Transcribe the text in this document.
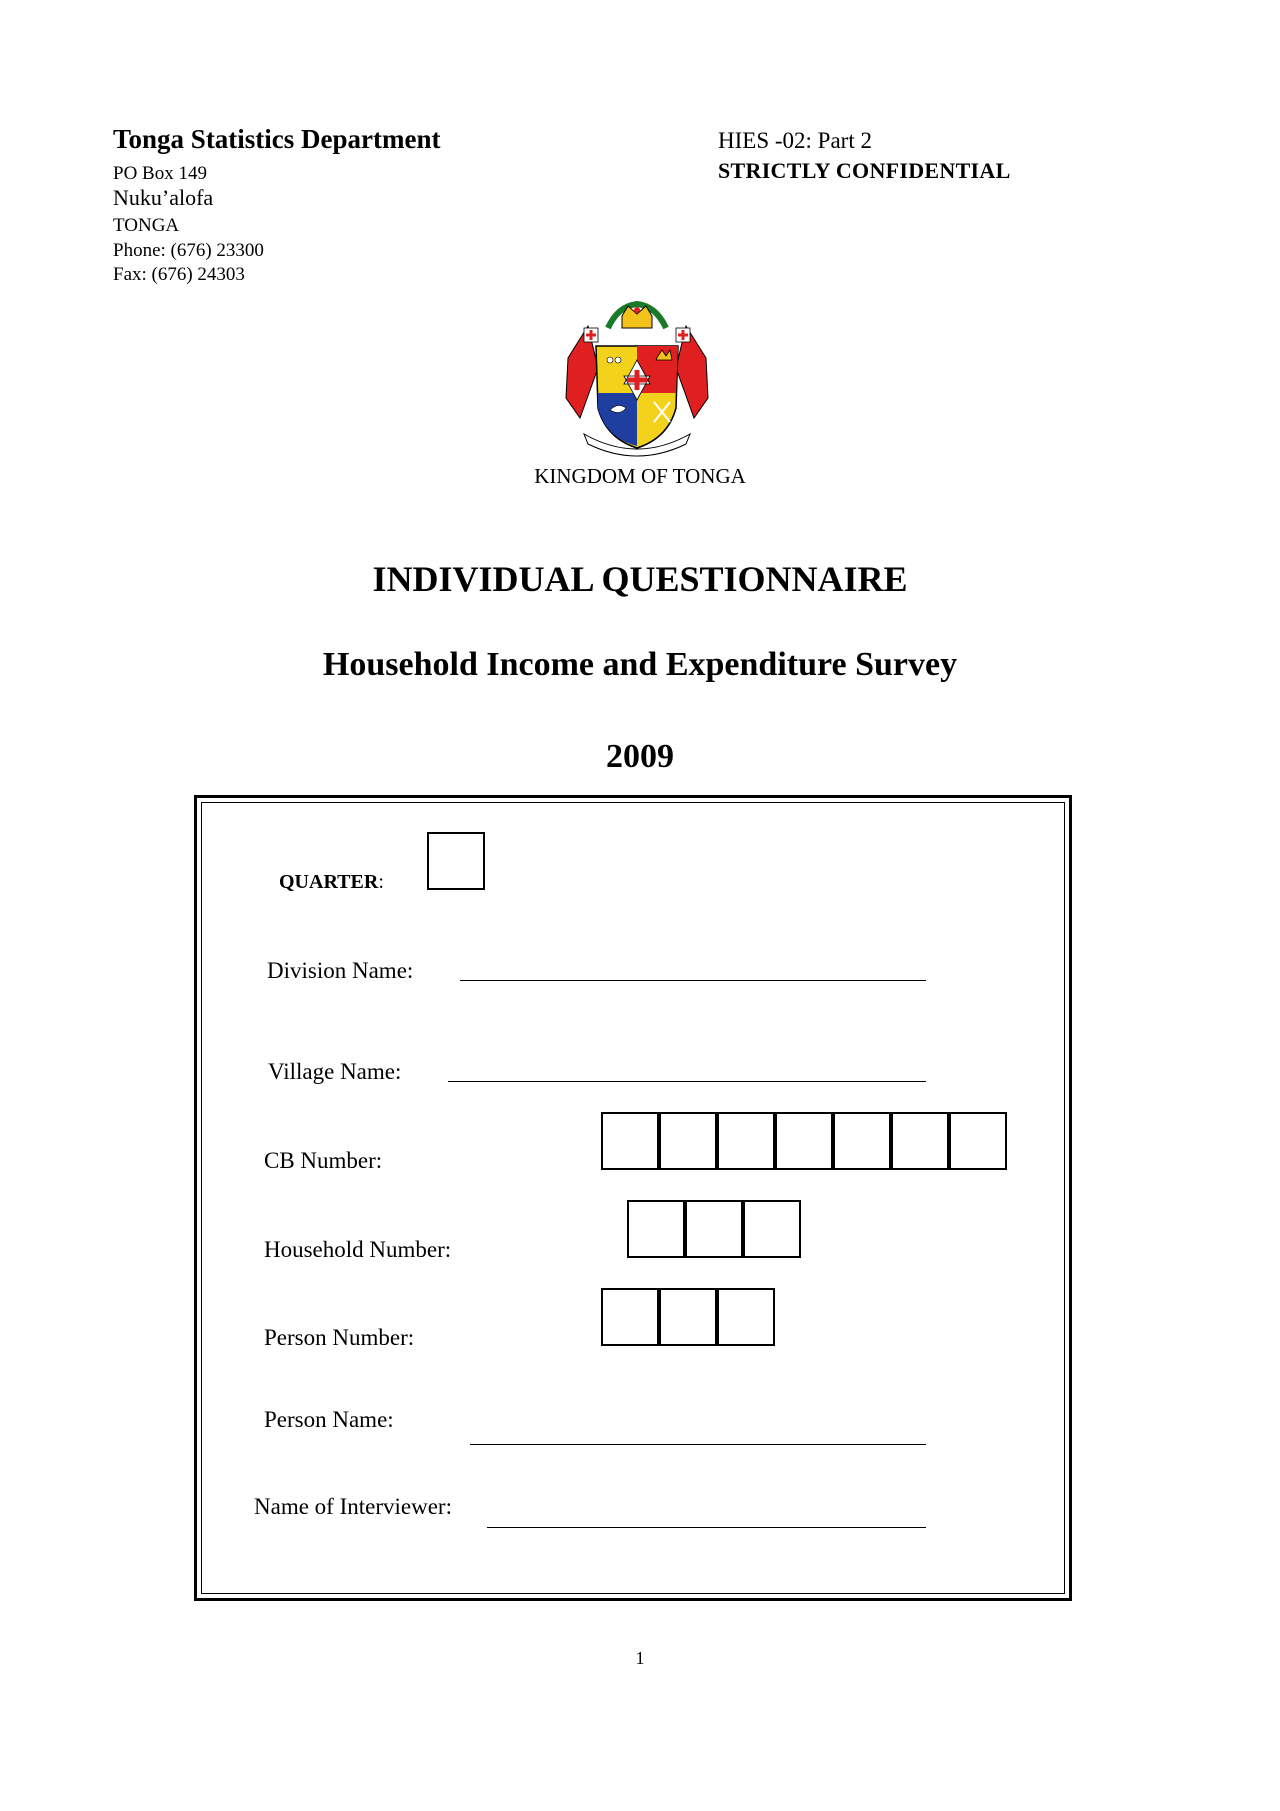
Tonga Statistics Department
PO Box 149
Nuku’alofa
TONGA
Phone: (676) 23300
Fax: (676) 24303
HIES -02: Part 2
STRICTLY CONFIDENTIAL
KINGDOM OF TONGA
INDIVIDUAL QUESTIONNAIRE
Household Income and Expenditure Survey
2009
QUARTER:
Division Name:
Village Name:
CB Number:
Household Number:
Person Number:
Person Name:
Name of Interviewer:
1
